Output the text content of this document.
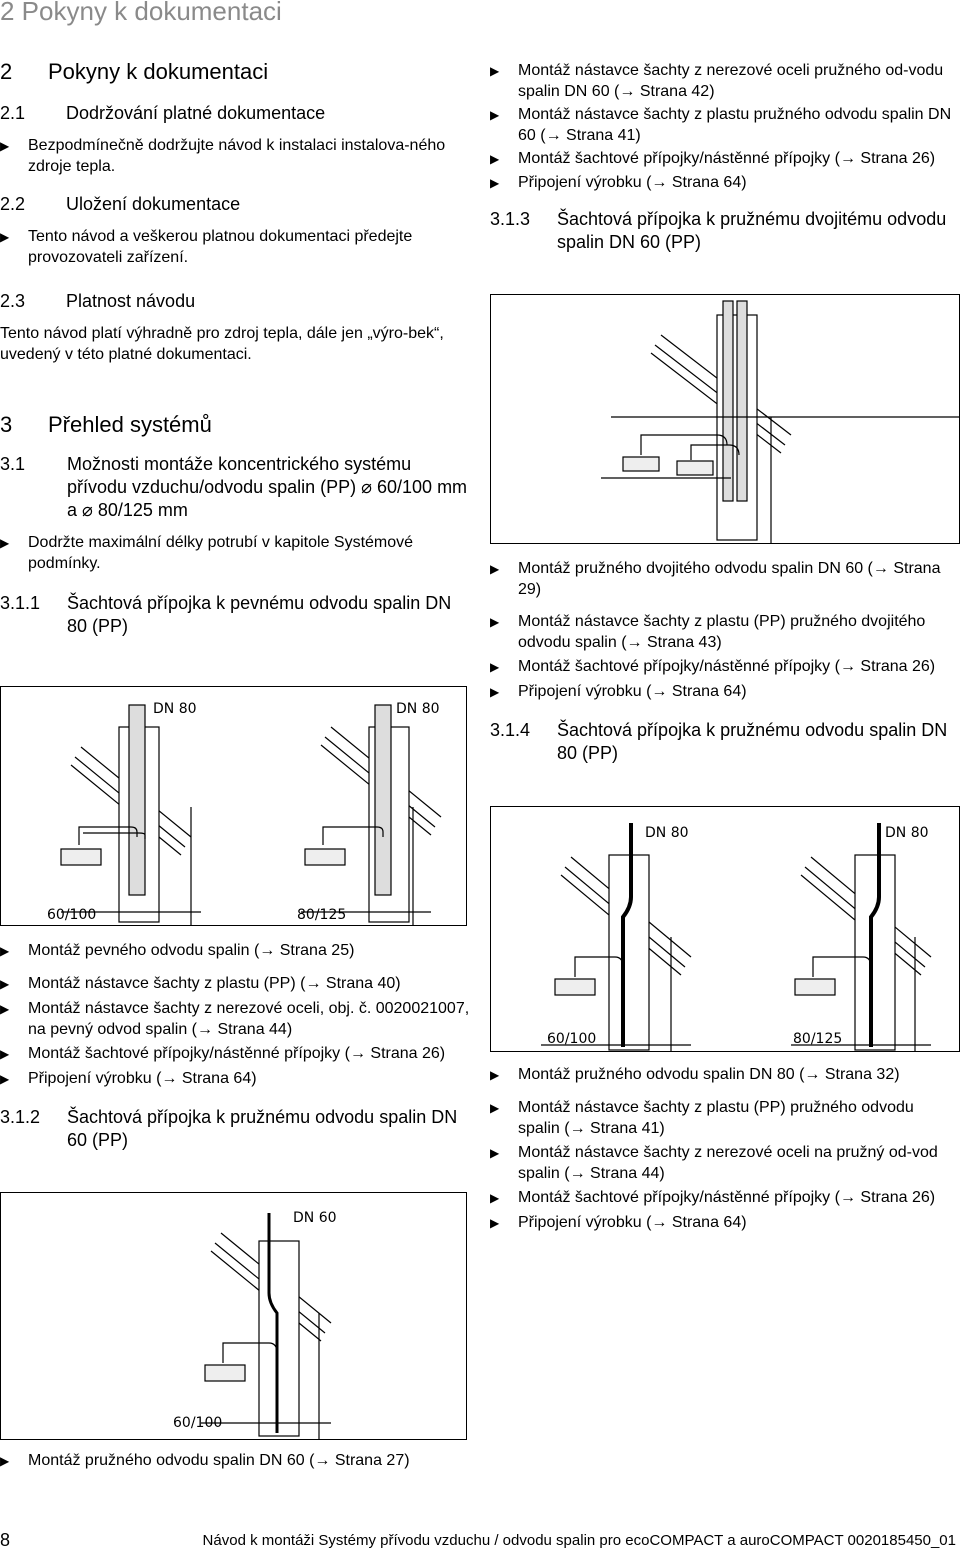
2 Pokyny k dokumentaci
2	Pokyny k dokumentaci
2.1	Dodržování platné dokumentace
▶	Bezpodmínečně dodržujte návod k instalaci instalova-ného zdroje tepla.
2.2	Uložení dokumentace
▶	Tento návod a veškerou platnou dokumentaci předejte provozovateli zařízení.
2.3	Platnost návodu
Tento návod platí výhradně pro zdroj tepla, dále jen „výro-bek“, uvedený v této platné dokumentaci.
3	Přehled systémů
3.1	Možnosti montáže koncentrického systému přívodu vzduchu/odvodu spalin (PP) ⌀ 60/100 mm a ⌀ 80/125 mm
▶	Dodržte maximální délky potrubí v kapitole Systémové podmínky.
3.1.1	Šachtová přípojka k pevnému odvodu spalin DN 80 (PP)
DN 80	DN 80
60/100	80/125
▶	Montáž pevného odvodu spalin (→ Strana 25)
▶	Montáž nástavce šachty z plastu (PP) (→ Strana 40)
▶	Montáž nástavce šachty z nerezové oceli, obj. č. 0020021007, na pevný odvod spalin (→ Strana 44)
▶	Montáž šachtové přípojky/nástěnné přípojky (→ Strana 26)
▶	Připojení výrobku (→ Strana 64)
3.1.2	Šachtová přípojka k pružnému odvodu spalin DN 60 (PP)
DN 60
60/100
▶	Montáž pružného odvodu spalin DN 60 (→ Strana 27)
▶	Montáž nástavce šachty z nerezové oceli pružného od-vodu spalin DN 60 (→ Strana 42)
▶	Montáž nástavce šachty z plastu pružného odvodu spalin DN 60 (→ Strana 41)
▶	Montáž šachtové přípojky/nástěnné přípojky (→ Strana 26)
▶	Připojení výrobku (→ Strana 64)
3.1.3	Šachtová přípojka k pružnému dvojitému odvodu spalin DN 60 (PP)
▶	Montáž pružného dvojitého odvodu spalin DN 60 (→ Strana 29)
▶	Montáž nástavce šachty z plastu (PP) pružného dvojitého odvodu spalin (→ Strana 43)
▶	Montáž šachtové přípojky/nástěnné přípojky (→ Strana 26)
▶	Připojení výrobku (→ Strana 64)
3.1.4	Šachtová přípojka k pružnému odvodu spalin DN 80 (PP)
DN 80	DN 80
60/100	80/125
▶	Montáž pružného odvodu spalin DN 80 (→ Strana 32)
▶	Montáž nástavce šachty z plastu (PP) pružného odvodu spalin (→ Strana 41)
▶	Montáž nástavce šachty z nerezové oceli na pružný od-vod spalin (→ Strana 44)
▶	Montáž šachtové přípojky/nástěnné přípojky (→ Strana 26)
▶	Připojení výrobku (→ Strana 64)
8	Návod k montáži Systémy přívodu vzduchu / odvodu spalin pro ecoCOMPACT a auroCOMPACT 0020185450_01
